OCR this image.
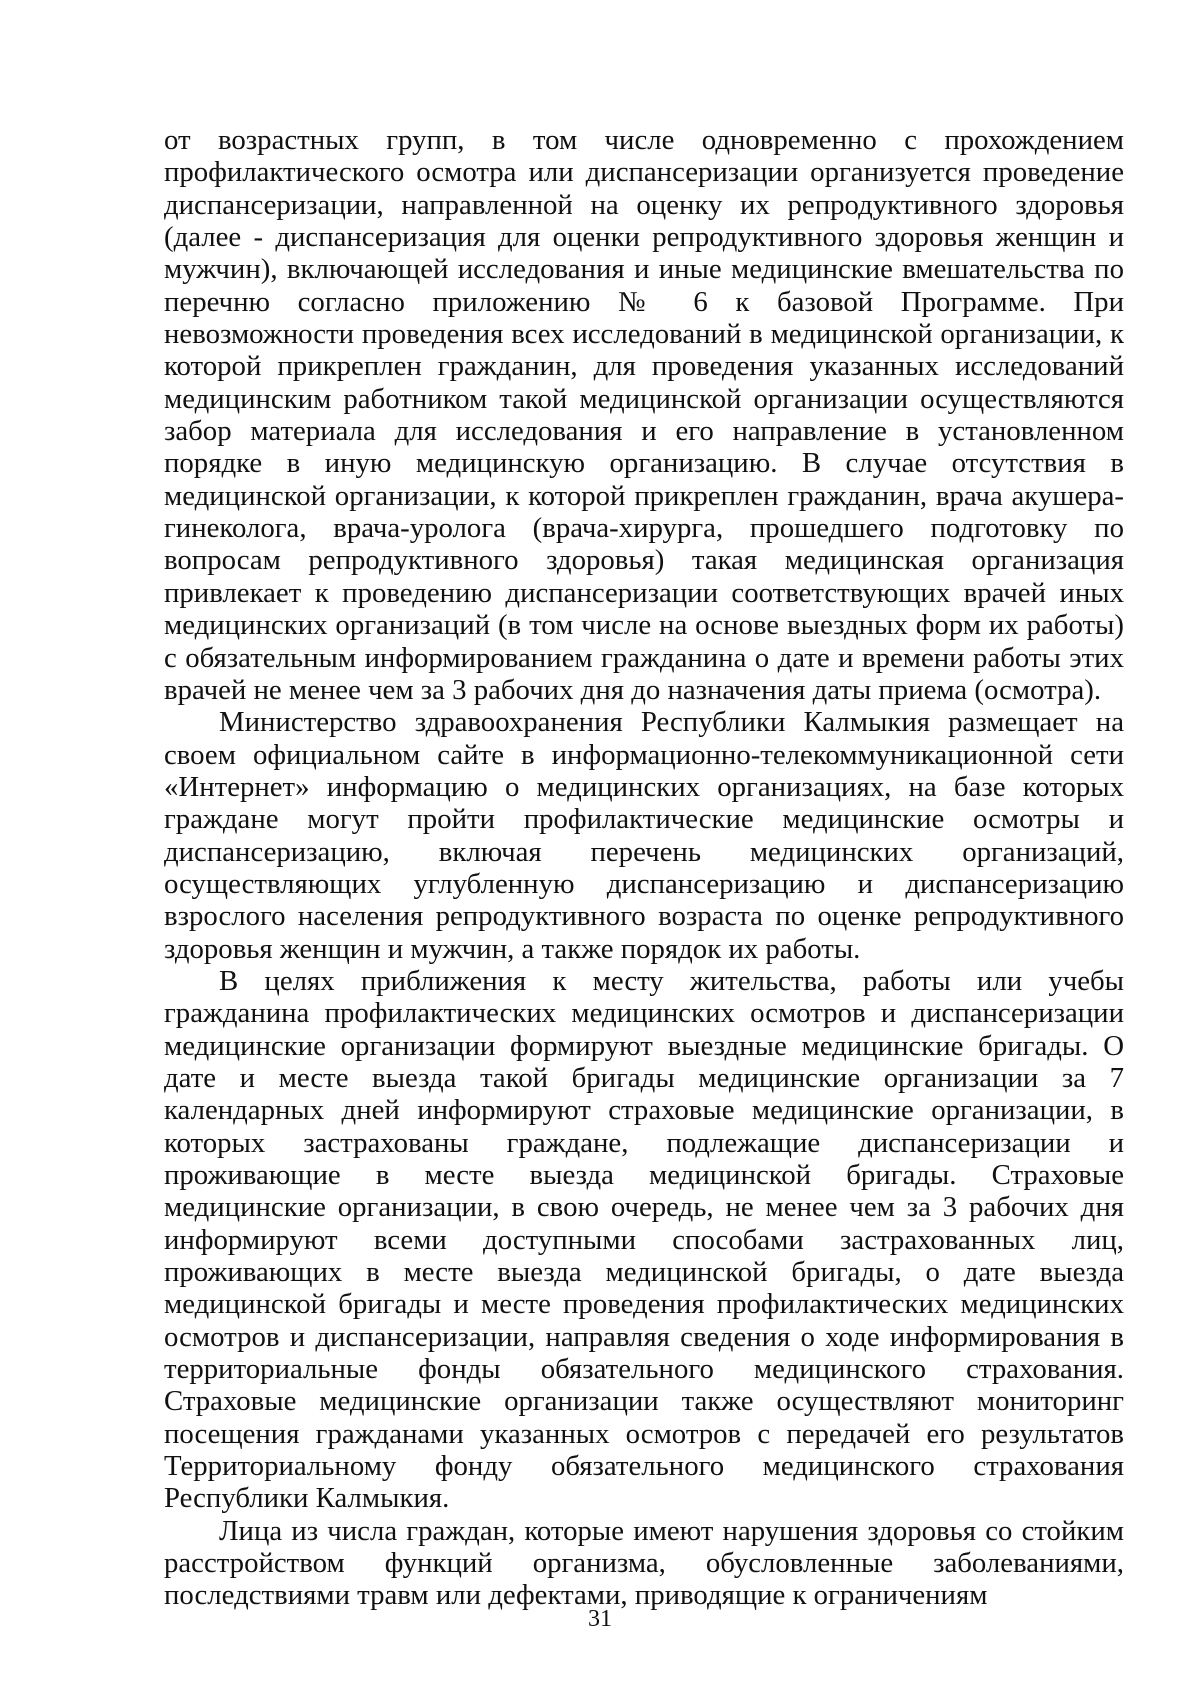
от возрастных групп, в том числе одновременно с прохождением профилактического осмотра или диспансеризации организуется проведение диспансеризации, направленной на оценку их репродуктивного здоровья (далее - диспансеризация для оценки репродуктивного здоровья женщин и мужчин), включающей исследования и иные медицинские вмешательства по перечню согласно приложению № 6 к базовой Программе. При невозможности проведения всех исследований в медицинской организации, к которой прикреплен гражданин, для проведения указанных исследований медицинским работником такой медицинской организации осуществляются забор материала для исследования и его направление в установленном порядке в иную медицинскую организацию. В случае отсутствия в медицинской организации, к которой прикреплен гражданин, врача акушера-гинеколога, врача-уролога (врача-хирурга, прошедшего подготовку по вопросам репродуктивного здоровья) такая медицинская организация привлекает к проведению диспансеризации соответствующих врачей иных медицинских организаций (в том числе на основе выездных форм их работы) с обязательным информированием гражданина о дате и времени работы этих врачей не менее чем за 3 рабочих дня до назначения даты приема (осмотра).

Министерство здравоохранения Республики Калмыкия размещает на своем официальном сайте в информационно-телекоммуникационной сети «Интернет» информацию о медицинских организациях, на базе которых граждане могут пройти профилактические медицинские осмотры и диспансеризацию, включая перечень медицинских организаций, осуществляющих углубленную диспансеризацию и диспансеризацию взрослого населения репродуктивного возраста по оценке репродуктивного здоровья женщин и мужчин, а также порядок их работы.

В целях приближения к месту жительства, работы или учебы гражданина профилактических медицинских осмотров и диспансеризации медицинские организации формируют выездные медицинские бригады. О дате и месте выезда такой бригады медицинские организации за 7 календарных дней информируют страховые медицинские организации, в которых застрахованы граждане, подлежащие диспансеризации и проживающие в месте выезда медицинской бригады. Страховые медицинские организации, в свою очередь, не менее чем за 3 рабочих дня информируют всеми доступными способами застрахованных лиц, проживающих в месте выезда медицинской бригады, о дате выезда медицинской бригады и месте проведения профилактических медицинских осмотров и диспансеризации, направляя сведения о ходе информирования в территориальные фонды обязательного медицинского страхования. Страховые медицинские организации также осуществляют мониторинг посещения гражданами указанных осмотров с передачей его результатов Территориальному фонду обязательного медицинского страхования Республики Калмыкия.

Лица из числа граждан, которые имеют нарушения здоровья со стойким расстройством функций организма, обусловленные заболеваниями, последствиями травм или дефектами, приводящие к ограничениям

31
